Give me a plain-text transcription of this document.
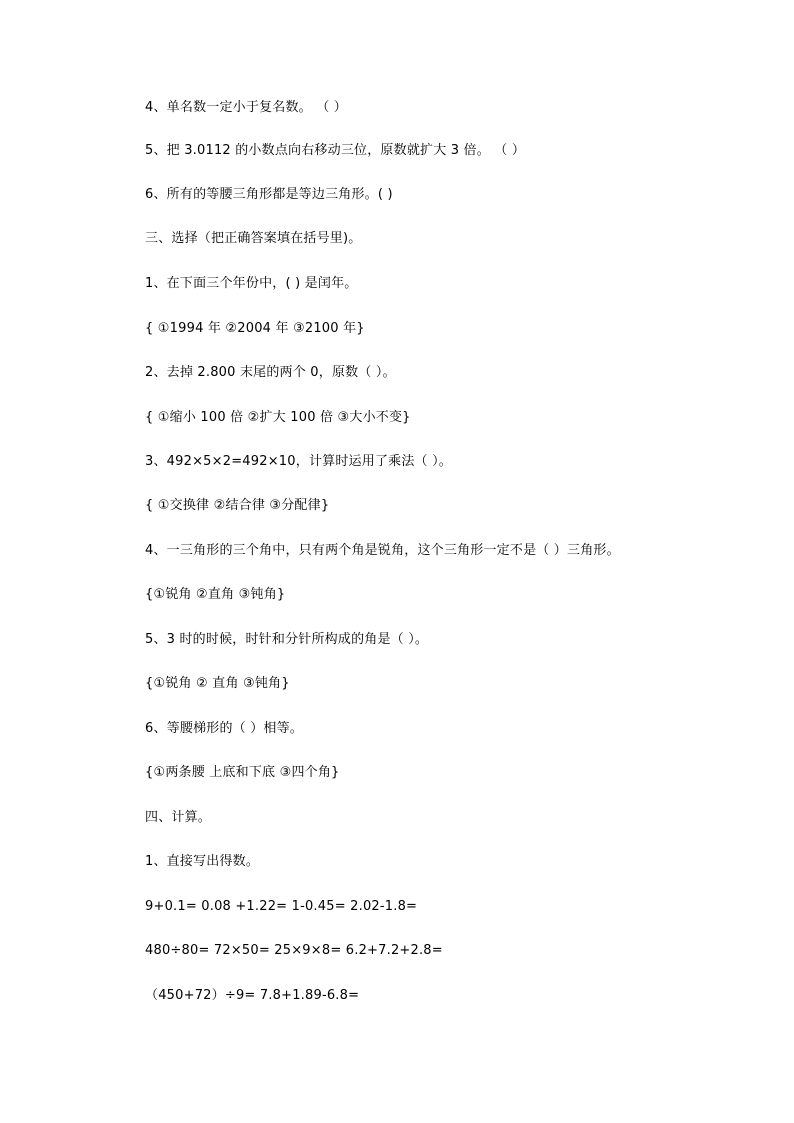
4、单名数一定小于复名数。 （ ）

5、把 3.0112 的小数点向右移动三位，原数就扩大 3 倍。 （ ）

6、所有的等腰三角形都是等边三角形。( )

三、选择（把正确答案填在括号里)。

1、在下面三个年份中，( ) 是闰年。

{ ①1994 年 ②2004 年 ③2100 年}

2、去掉 2.800 末尾的两个 0，原数（ ）。

{ ①缩小 100 倍 ②扩大 100 倍 ③大小不变}

3、492×5×2=492×10，计算时运用了乘法（ ）。

{ ①交换律 ②结合律 ③分配律}

4、一三角形的三个角中，只有两个角是锐角，这个三角形一定不是（ ）三角形。

{①锐角 ②直角 ③钝角}

5、3 时的时候，时针和分针所构成的角是（ ）。

{①锐角 ② 直角 ③钝角}

6、等腰梯形的（ ）相等。

{①两条腰 上底和下底 ③四个角}

四、计算。

1、直接写出得数。

9+0.1= 0.08 +1.22= 1-0.45= 2.02-1.8=

480÷80= 72×50= 25×9×8= 6.2+7.2+2.8=

（450+72）÷9= 7.8+1.89-6.8=
